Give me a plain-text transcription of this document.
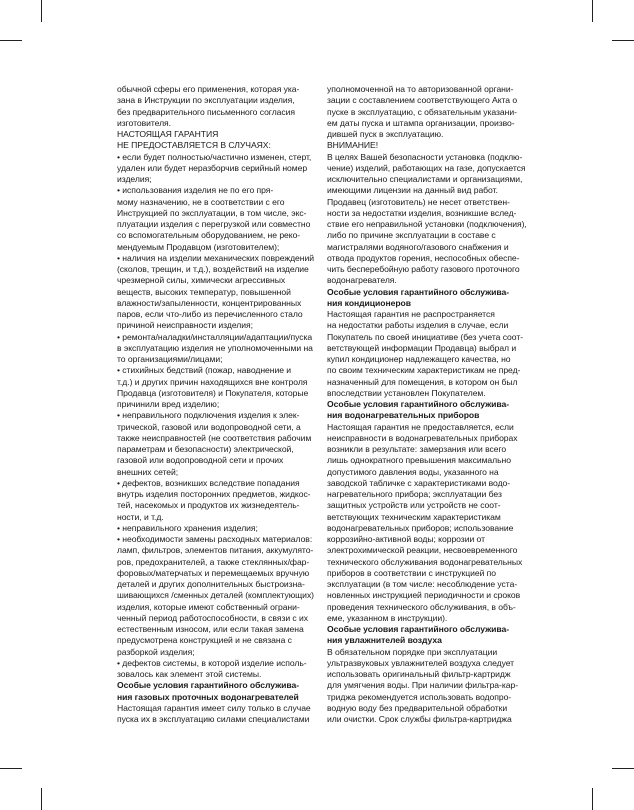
обычной сферы его применения, которая ука-
зана в Инструкции по эксплуатации изделия,
без предварительного письменного согласия
изготовителя.
НАСТОЯЩАЯ ГАРАНТИЯ
НЕ ПРЕДОСТАВЛЯЕТСЯ В СЛУЧАЯХ:
• если будет полностью/частично изменен, стерт,
удален или будет неразборчив серийный номер
изделия;
• использования изделия не по его пря-
мому назначению, не в соответствии с его
Инструкцией по эксплуатации, в том числе, экс-
плуатации изделия с перегрузкой или совместно
со вспомогательным оборудованием, не реко-
мендуемым Продавцом (изготовителем);
• наличия на изделии механических повреждений
(сколов, трещин, и т.д.), воздействий на изделие
чрезмерной силы, химически агрессивных
веществ, высоких температур, повышенной
влажности/запыленности, концентрированных
паров, если что-либо из перечисленного стало
причиной неисправности изделия;
• ремонта/наладки/инсталляции/адаптации/пуска
в эксплуатацию изделия не уполномоченными на
то организациями/лицами;
• стихийных бедствий (пожар, наводнение и
т.д.) и других причин находящихся вне контроля
Продавца (изготовителя) и Покупателя, которые
причинили вред изделию;
• неправильного подключения изделия к элек-
трической, газовой или водопроводной сети, а
также неисправностей (не соответствия рабочим
параметрам и безопасности) электрической,
газовой или водопроводной сети и прочих
внешних сетей;
• дефектов, возникших вследствие попадания
внутрь изделия посторонних предметов, жидкос-
тей, насекомых и продуктов их жизнедеятель-
ности, и т.д.
• неправильного хранения изделия;
• необходимости замены расходных материалов:
ламп, фильтров, элементов питания, аккумулято-
ров, предохранителей, а также стеклянных/фар-
форовых/матерчатых и перемещаемых вручную
деталей и других дополнительных быстроизна-
шивающихся /сменных деталей (комплектующих)
изделия, которые имеют собственный ограни-
ченный период работоспособности, в связи с их
естественным износом, или если такая замена
предусмотрена конструкцией и не связана с
разборкой изделия;
• дефектов системы, в которой изделие исполь-
зовалось как элемент этой системы.
Особые условия гарантийного обслужива-
ния газовых проточных водонагревателей
Настоящая гарантия имеет силу только в случае
пуска их в эксплуатацию силами специалистами
уполномоченной на то авторизованной органи-
зации с составлением соответствующего Акта о
пуске в эксплуатацию, с обязательным указани-
ем даты пуска и штампа организации, произво-
дившей пуск в эксплуатацию.
ВНИМАНИЕ!
В целях Вашей безопасности установка (подклю-
чение) изделий, работающих на газе, допускается
исключительно специалистами и организациями,
имеющими лицензии на данный вид работ.
Продавец (изготовитель) не несет ответствен-
ности за недостатки изделия, возникшие вслед-
ствие его неправильной установки (подключения),
либо по причине эксплуатации в составе с
магистралями водяного/газового снабжения и
отвода продуктов горения, неспособных обеспе-
чить бесперебойную работу газового проточного
водонагревателя.
Особые условия гарантийного обслужива-
ния кондиционеров
Настоящая гарантия не распространяется
на недостатки работы изделия в случае, если
Покупатель по своей инициативе (без учета соот-
ветствующей информации Продавца) выбрал и
купил кондиционер надлежащего качества, но
по своим техническим характеристикам не пред-
назначенный для помещения, в котором он был
впоследствии установлен Покупателем.
Особые условия гарантийного обслужива-
ния водонагревательных приборов
Настоящая гарантия не предоставляется, если
неисправности в водонагревательных приборах
возникли в результате: замерзания или всего
лишь однократного превышения максимально
допустимого давления воды, указанного на
заводской табличке с характеристиками водо-
нагревательного прибора; эксплуатации без
защитных устройств или устройств не соот-
ветствующих техническим характеристикам
водонагревательных приборов; использование
коррозийно-активной воды; коррозии от
электрохимической реакции, несвоевременного
технического обслуживания водонагревательных
приборов в соответствии с инструкцией по
эксплуатации (в том числе: несоблюдение уста-
новленных инструкцией периодичности и сроков
проведения технического обслуживания, в объ-
еме, указанном в инструкции).
Особые условия гарантийного обслужива-
ния увлажнителей воздуха
В обязательном порядке при эксплуатации
ультразвуковых увлажнителей воздуха следует
использовать оригинальный фильтр-картридж
для умягчения воды. При наличии фильтра-кар-
триджа рекомендуется использовать водопро-
водную воду без предварительной обработки
или очистки. Срок службы фильтра-картриджа
